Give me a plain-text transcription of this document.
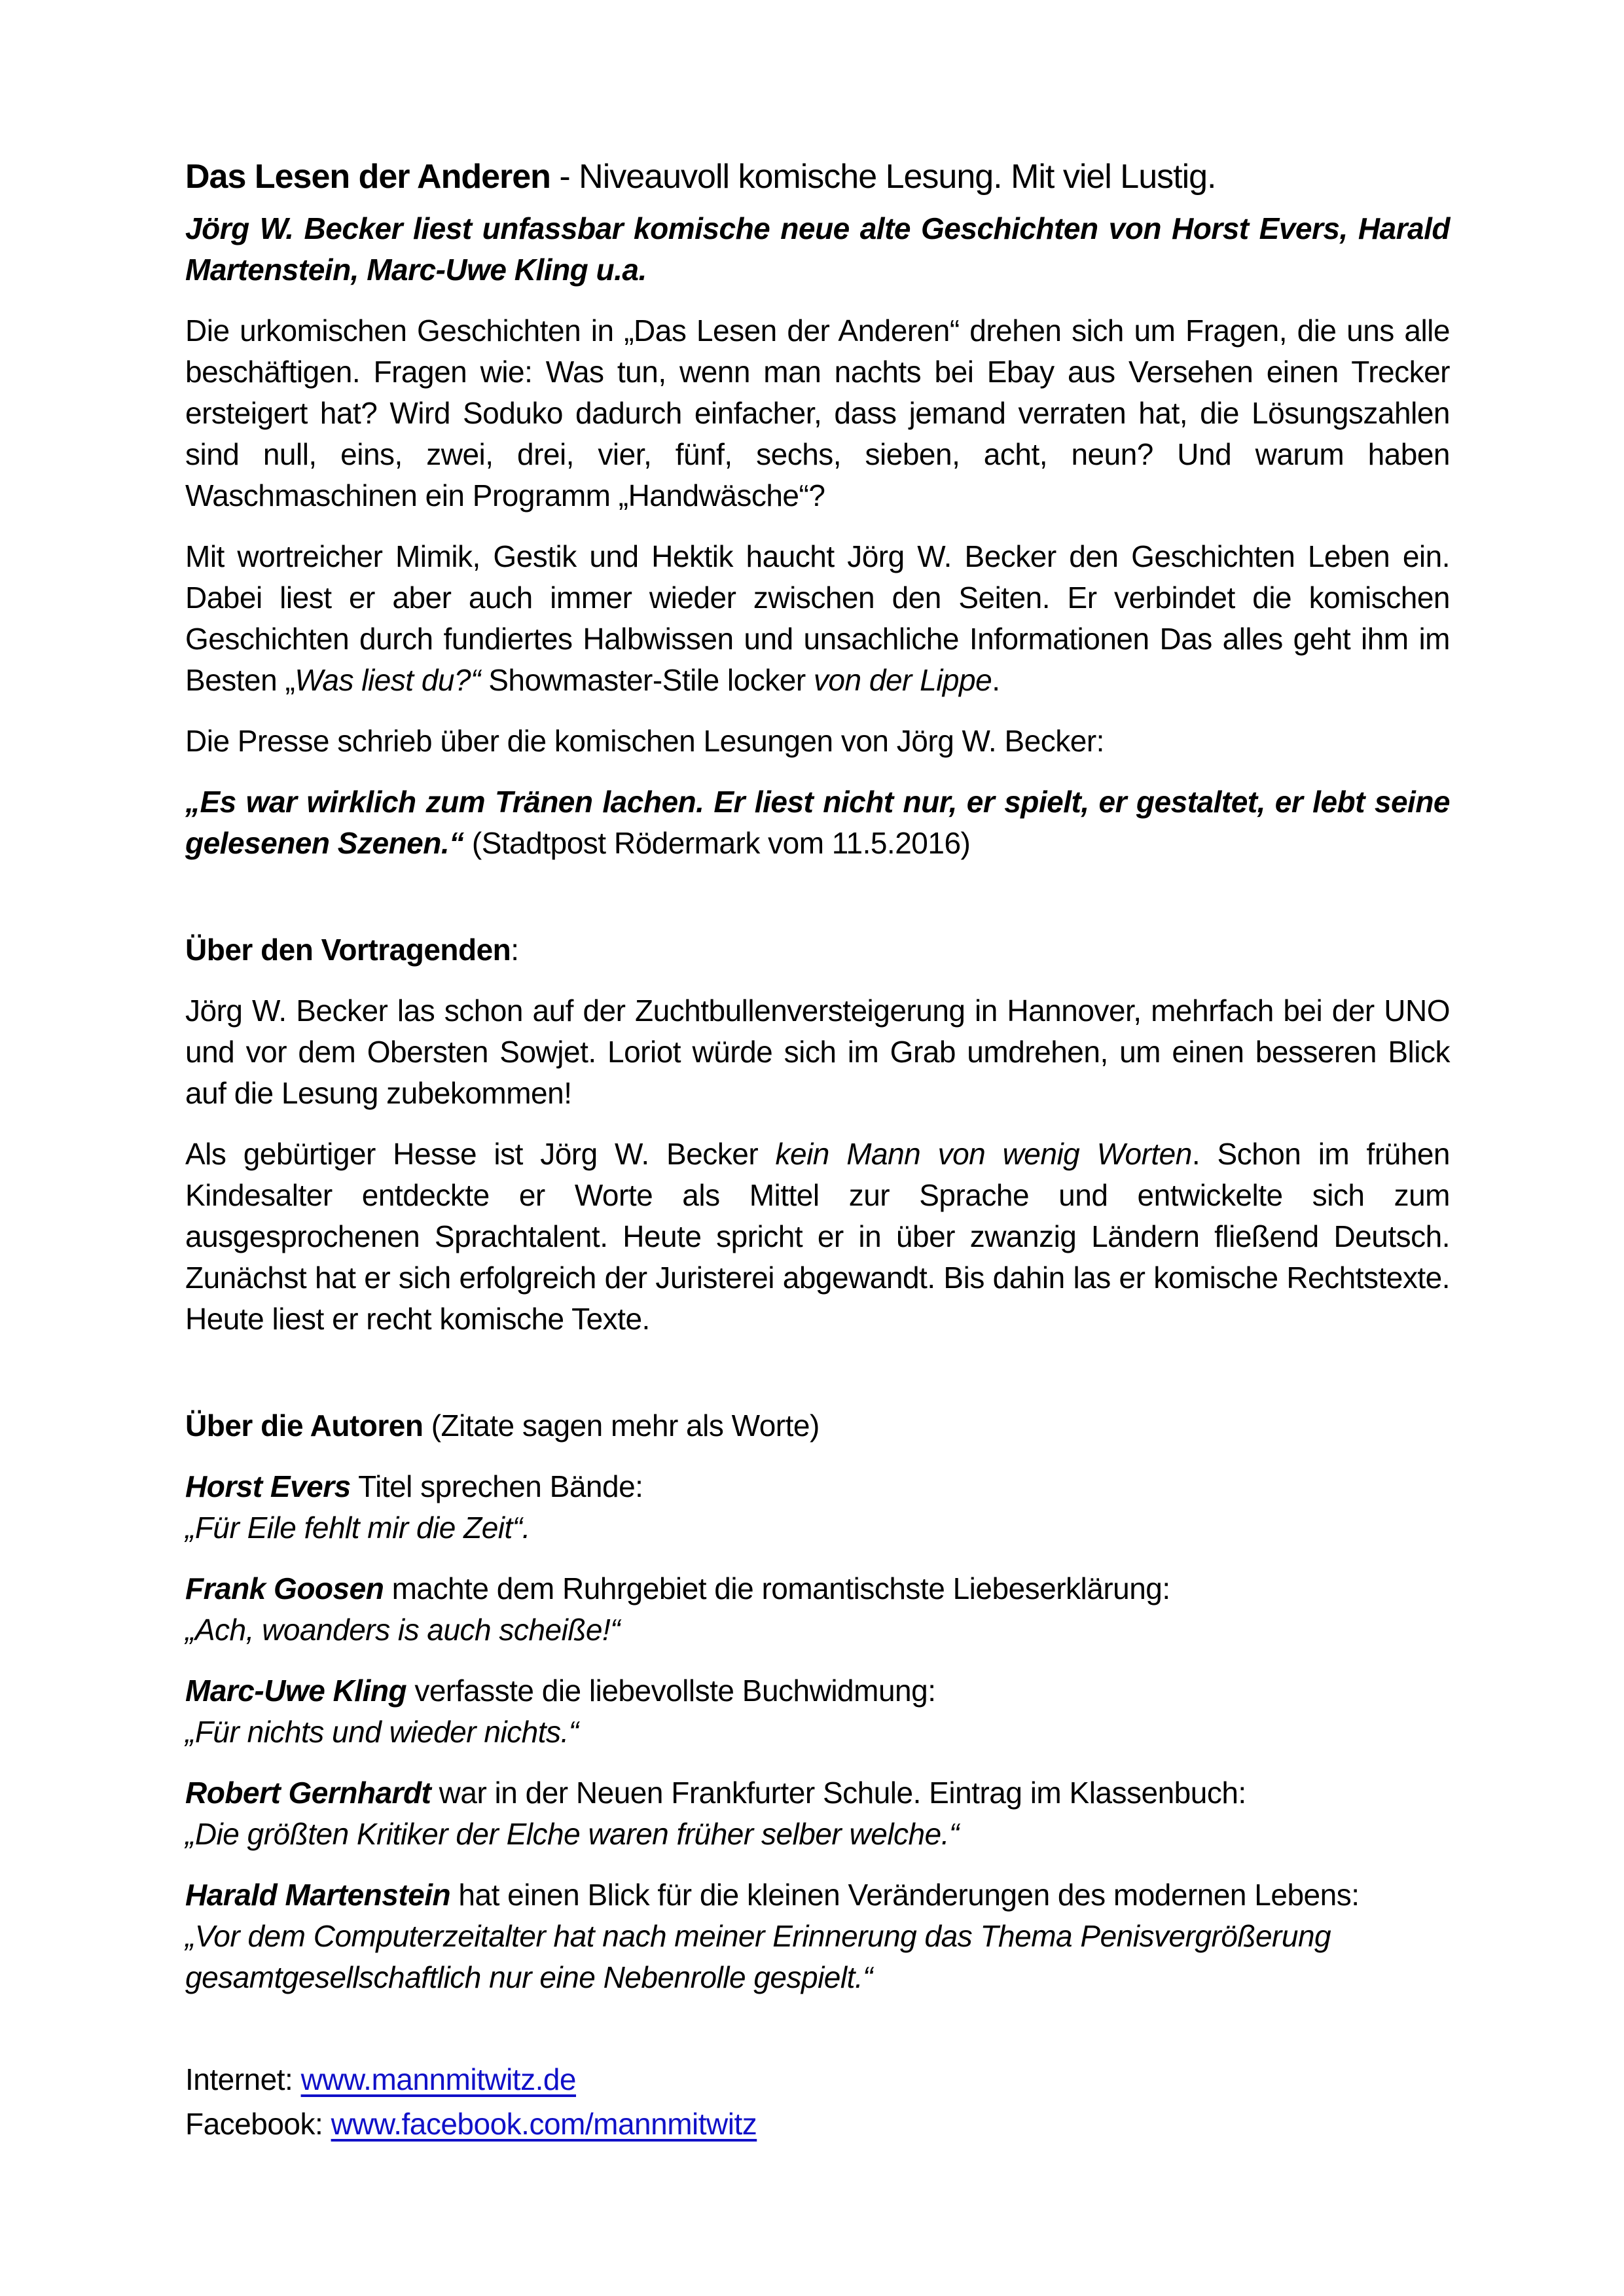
Das Lesen der Anderen - Niveauvoll komische Lesung. Mit viel Lustig.

Jörg W. Becker liest unfassbar komische neue alte Geschichten von Horst Evers, Harald Martenstein, Marc-Uwe Kling u.a.

Die urkomischen Geschichten in „Das Lesen der Anderen“ drehen sich um Fragen, die uns alle beschäftigen. Fragen wie: Was tun, wenn man nachts bei Ebay aus Versehen einen Trecker ersteigert hat? Wird Soduko dadurch einfacher, dass jemand verraten hat, die Lösungszahlen sind null, eins, zwei, drei, vier, fünf, sechs, sieben, acht, neun? Und warum haben Waschmaschinen ein Programm „Handwäsche“?

Mit wortreicher Mimik, Gestik und Hektik haucht Jörg W. Becker den Geschichten Leben ein. Dabei liest er aber auch immer wieder zwischen den Seiten. Er verbindet die komischen Geschichten durch fundiertes Halbwissen und unsachliche Informationen Das alles geht ihm im Besten „Was liest du?“ Showmaster-Stile locker von der Lippe.

Die Presse schrieb über die komischen Lesungen von Jörg W. Becker:

„Es war wirklich zum Tränen lachen. Er liest nicht nur, er spielt, er gestaltet, er lebt seine gelesenen Szenen.“ (Stadtpost Rödermark vom 11.5.2016)

Über den Vortragenden:

Jörg W. Becker las schon auf der Zuchtbullenversteigerung in Hannover, mehrfach bei der UNO und vor dem Obersten Sowjet. Loriot würde sich im Grab umdrehen, um einen besseren Blick auf die Lesung zubekommen!

Als gebürtiger Hesse ist Jörg W. Becker kein Mann von wenig Worten. Schon im frühen Kindesalter entdeckte er Worte als Mittel zur Sprache und entwickelte sich zum ausgesprochenen Sprachtalent. Heute spricht er in über zwanzig Ländern fließend Deutsch. Zunächst hat er sich erfolgreich der Juristerei abgewandt. Bis dahin las er komische Rechtstexte. Heute liest er recht komische Texte.

Über die Autoren (Zitate sagen mehr als Worte)

Horst Evers Titel sprechen Bände:
„Für Eile fehlt mir die Zeit“.

Frank Goosen machte dem Ruhrgebiet die romantischste Liebeserklärung:
„Ach, woanders is auch scheiße!“

Marc-Uwe Kling verfasste die liebevollste Buchwidmung:
„Für nichts und wieder nichts.“

Robert Gernhardt war in der Neuen Frankfurter Schule. Eintrag im Klassenbuch:
„Die größten Kritiker der Elche waren früher selber welche.“

Harald Martenstein hat einen Blick für die kleinen Veränderungen des modernen Lebens:
„Vor dem Computerzeitalter hat nach meiner Erinnerung das Thema Penisvergrößerung gesamtgesellschaftlich nur eine Nebenrolle gespielt.“

Internet: www.mannmitwitz.de

Facebook: www.facebook.com/mannmitwitz
